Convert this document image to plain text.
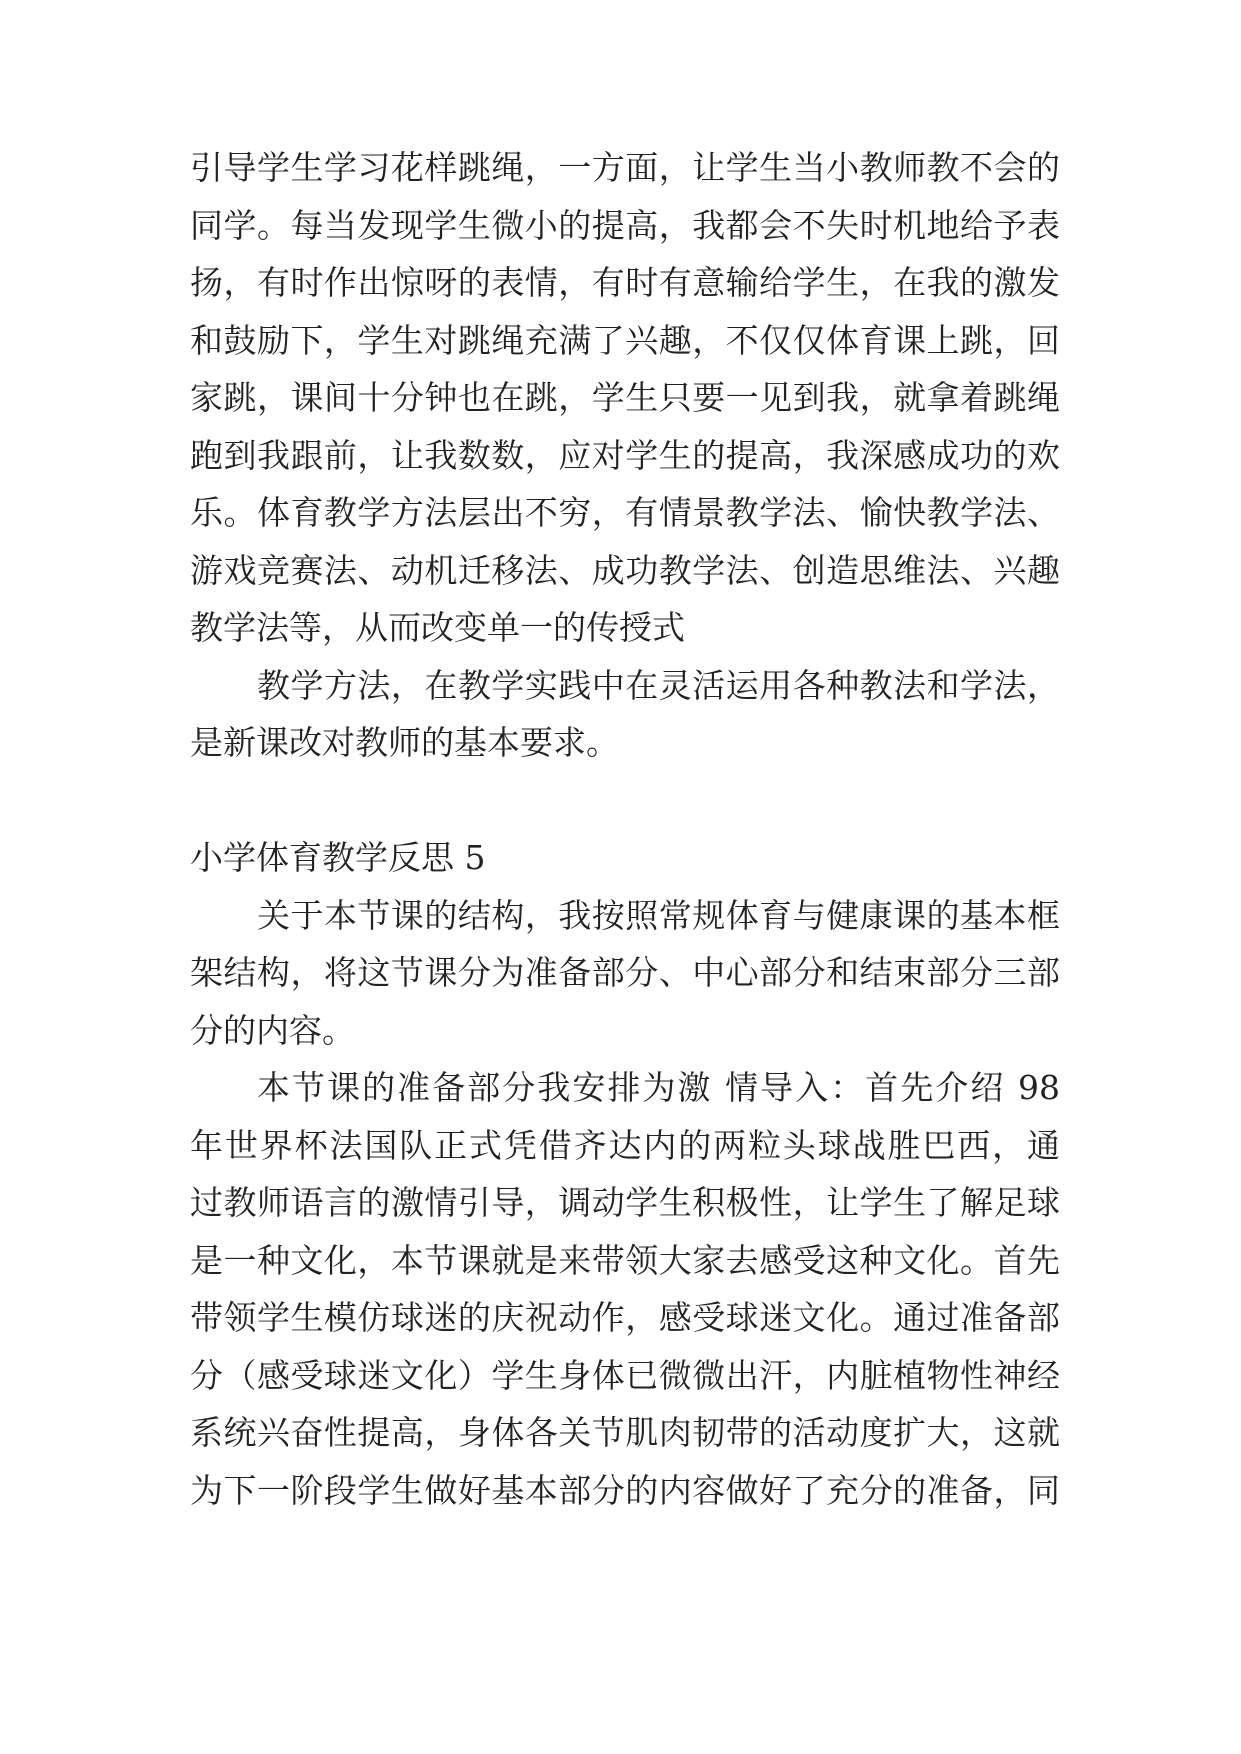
引导学生学习花样跳绳，一方面，让学生当小教师教不会的
同学。每当发现学生微小的提高，我都会不失时机地给予表
扬，有时作出惊呀的表情，有时有意输给学生，在我的激发
和鼓励下，学生对跳绳充满了兴趣，不仅仅体育课上跳，回
家跳，课间十分钟也在跳，学生只要一见到我，就拿着跳绳
跑到我跟前，让我数数，应对学生的提高，我深感成功的欢
乐。体育教学方法层出不穷，有情景教学法、愉快教学法、
游戏竞赛法、动机迁移法、成功教学法、创造思维法、兴趣
教学法等，从而改变单一的传授式
教学方法，在教学实践中在灵活运用各种教法和学法，
是新课改对教师的基本要求。
小学体育教学反思 5
关于本节课的结构，我按照常规体育与健康课的基本框
架结构，将这节课分为准备部分、中心部分和结束部分三部
分的内容。
本节课的准备部分我安排为激 情导入：首先介绍 98
年世界杯法国队正式凭借齐达内的两粒头球战胜巴西，通
过教师语言的激情引导，调动学生积极性，让学生了解足球
是一种文化，本节课就是来带领大家去感受这种文化。首先
带领学生模仿球迷的庆祝动作，感受球迷文化。通过准备部
分（感受球迷文化）学生身体已微微出汗，内脏植物性神经
系统兴奋性提高，身体各关节肌肉韧带的活动度扩大，这就
为下一阶段学生做好基本部分的内容做好了充分的准备，同
